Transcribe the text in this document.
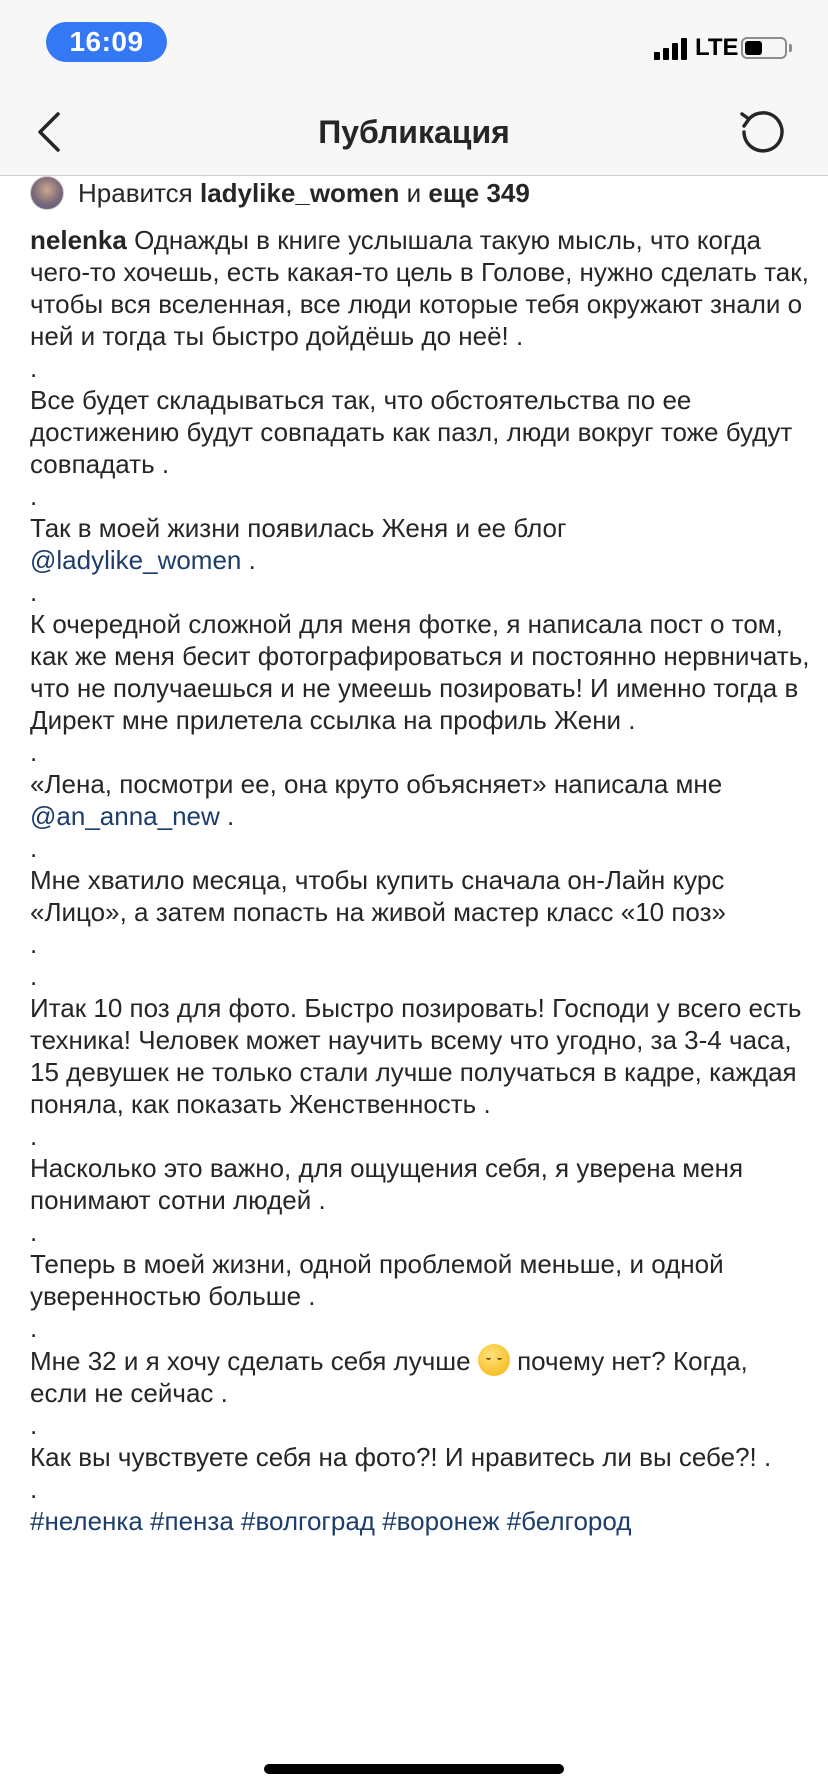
16:09	LTE
Публикация
Нравится ladylike_women и еще 349

nelenka Однажды в книге услышала такую мысль, что когда чего-то хочешь, есть какая-то цель в Голове, нужно сделать так, чтобы вся вселенная, все люди которые тебя окружают знали о ней и тогда ты быстро дойдёшь до неё! .

.

Все будет складываться так, что обстоятельства по ее достижению будут совпадать как пазл, люди вокруг тоже будут совпадать .

.

Так в моей жизни появилась Женя и ее блог
@ladylike_women .

.

К очередной сложной для меня фотке, я написала пост о том, как же меня бесит фотографироваться и постоянно нервничать, что не получаешься и не умеешь позировать! И именно тогда в Директ мне прилетела ссылка на профиль Жени .

.

«Лена, посмотри ее, она круто объясняет» написала мне @an_anna_new .

.

Мне хватило месяца, чтобы купить сначала он-Лайн курс «Лицо», а затем попасть на живой мастер класс «10 поз»

.

.

Итак 10 поз для фото. Быстро позировать! Господи у всего есть техника! Человек может научить всему что угодно, за 3-4 часа, 15 девушек не только стали лучше получаться в кадре, каждая поняла, как показать Женственность .

.

Насколько это важно, для ощущения себя, я уверена меня понимают сотни людей .

.

Теперь в моей жизни, одной проблемой меньше, и одной уверенностью больше .

.

Мне 32 и я хочу сделать себя лучше почему нет? Когда, если не сейчас .

.

Как вы чувствуете себя на фото?! И нравитесь ли вы себе?! .

.

#неленка #пенза #волгоград #воронеж #белгород
